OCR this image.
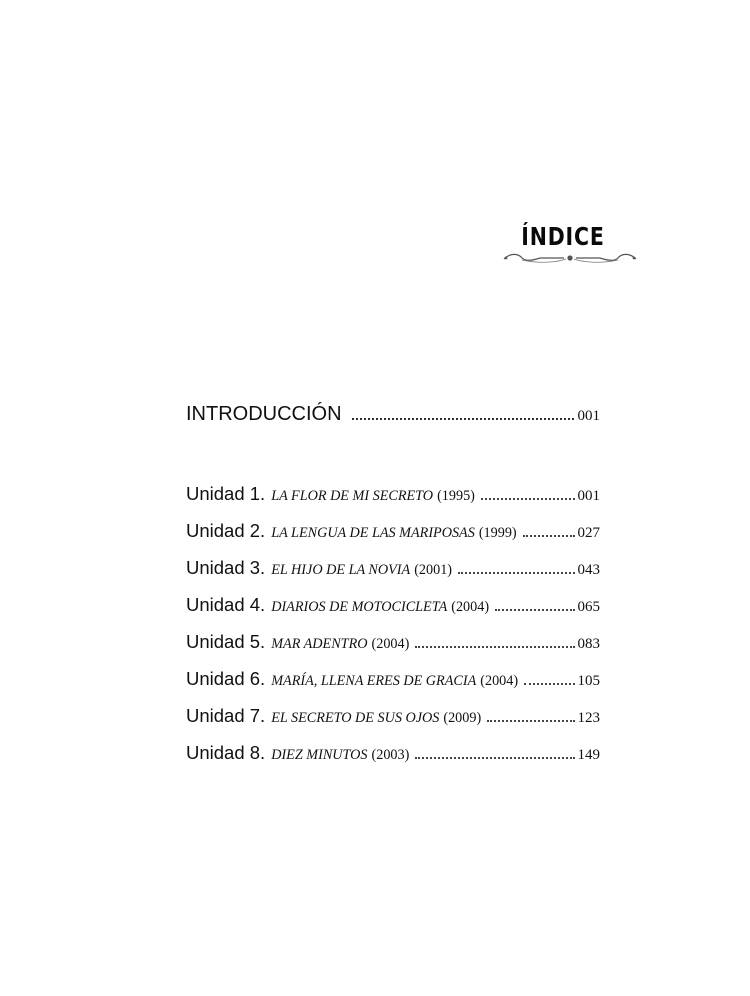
ÍNDICE
INTRODUCCIÓN	001
Unidad 1. LA FLOR DE MI SECRETO (1995)	001
Unidad 2. LA LENGUA DE LAS MARIPOSAS (1999)	027
Unidad 3. EL HIJO DE LA NOVIA (2001)	043
Unidad 4. DIARIOS DE MOTOCICLETA (2004)	065
Unidad 5. MAR ADENTRO (2004)	083
Unidad 6. MARÍA, LLENA ERES DE GRACIA (2004)	105
Unidad 7. EL SECRETO DE SUS OJOS (2009)	123
Unidad 8. DIEZ MINUTOS (2003)	149
